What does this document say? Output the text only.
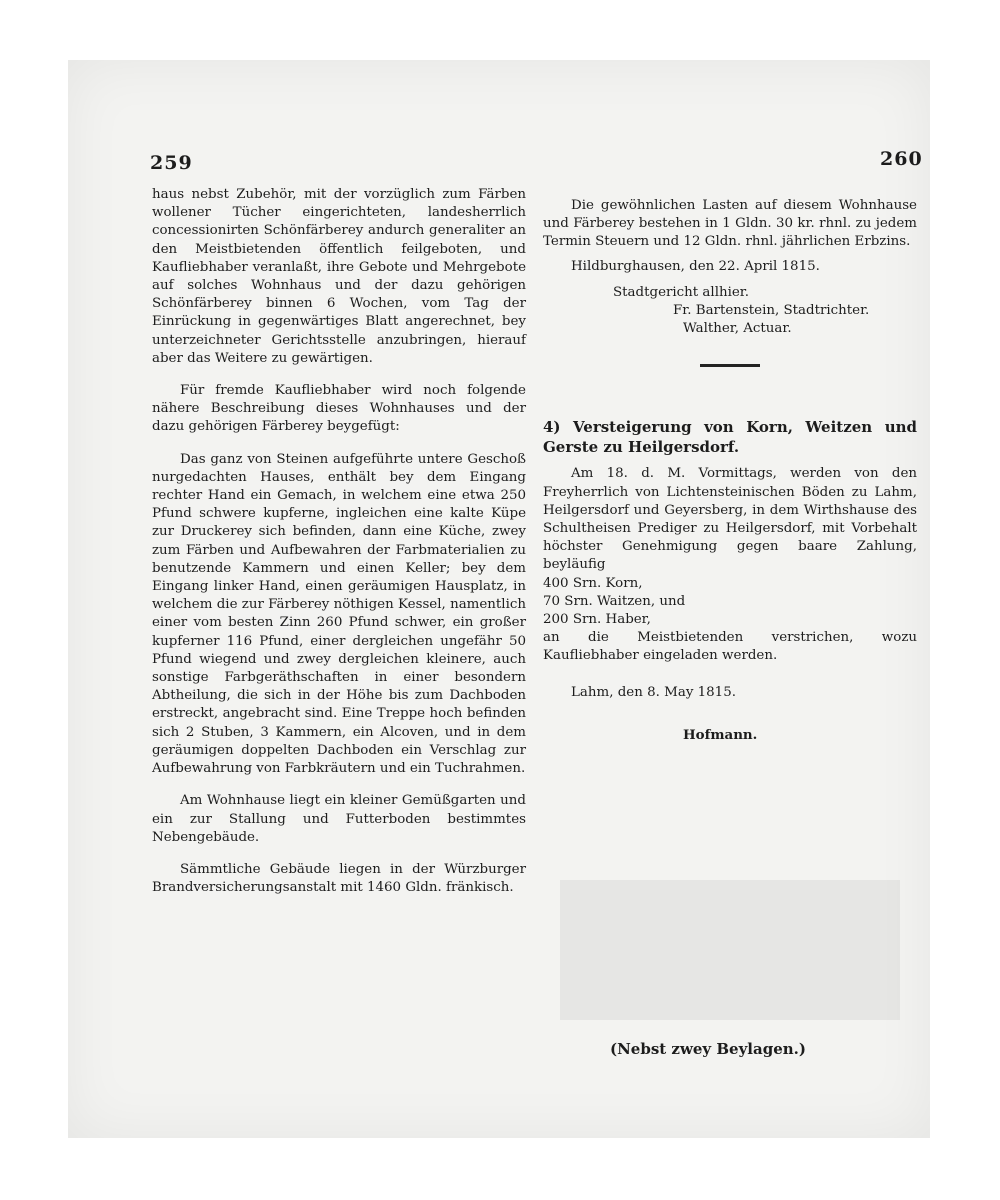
259	260

haus nebst Zubehör, mit der vorzüglich zum Färben wollener Tücher eingerichteten, landesherrlich concessionirten Schönfärberey andurch generaliter an den Meistbietenden öffentlich feilgeboten, und Kaufliebhaber veranlaßt, ihre Gebote und Mehrgebote auf solches Wohnhaus und der dazu gehörigen Schönfärberey binnen 6 Wochen, vom Tag der Einrückung in gegenwärtiges Blatt angerechnet, bey unterzeichneter Gerichtsstelle anzubringen, hierauf aber das Weitere zu gewärtigen.

Für fremde Kaufliebhaber wird noch folgende nähere Beschreibung dieses Wohnhauses und der dazu gehörigen Färberey beygefügt:

Das ganz von Steinen aufgeführte untere Geschoß nurgedachten Hauses, enthält bey dem Eingang rechter Hand ein Gemach, in welchem eine etwa 250 Pfund schwere kupferne, ingleichen eine kalte Küpe zur Druckerey sich befinden, dann eine Küche, zwey zum Färben und Aufbewahren der Farbmaterialien zu benutzende Kammern und einen Keller; bey dem Eingang linker Hand, einen geräumigen Hausplatz, in welchem die zur Färberey nöthigen Kessel, namentlich einer vom besten Zinn 260 Pfund schwer, ein großer kupferner 116 Pfund, einer dergleichen ungefähr 50 Pfund wiegend und zwey dergleichen kleinere, auch sonstige Farbgeräthschaften in einer besondern Abtheilung, die sich in der Höhe bis zum Dachboden erstreckt, angebracht sind. Eine Treppe hoch befinden sich 2 Stuben, 3 Kammern, ein Alcoven, und in dem geräumigen doppelten Dachboden ein Verschlag zur Aufbewahrung von Farbkräutern und ein Tuchrahmen.

Am Wohnhause liegt ein kleiner Gemüßgarten und ein zur Stallung und Futterboden bestimmtes Nebengebäude.

Sämmtliche Gebäude liegen in der Würzburger Brandversicherungsanstalt mit 1460 Gldn. fränkisch.

Die gewöhnlichen Lasten auf diesem Wohnhause und Färberey bestehen in 1 Gldn. 30 kr. rhnl. zu jedem Termin Steuern und 12 Gldn. rhnl. jährlichen Erbzins.

Hildburghausen, den 22. April 1815.

Stadtgericht allhier.

Fr. Bartenstein, Stadtrichter.

Walther, Actuar.

4) Versteigerung von Korn, Weitzen und Gerste zu Heilgersdorf.

Am 18. d. M. Vormittags, werden von den Freyherrlich von Lichtensteinischen Böden zu Lahm, Heilgersdorf und Geyersberg, in dem Wirthshause des Schultheisen Prediger zu Heilgersdorf, mit Vorbehalt höchster Genehmigung gegen baare Zahlung, beyläufig

400 Srn. Korn,

70 Srn. Waitzen, und

200 Srn. Haber,

an die Meistbietenden verstrichen, wozu Kaufliebhaber eingeladen werden.

Lahm, den 8. May 1815.

Hofmann.

(Nebst zwey Beylagen.)
